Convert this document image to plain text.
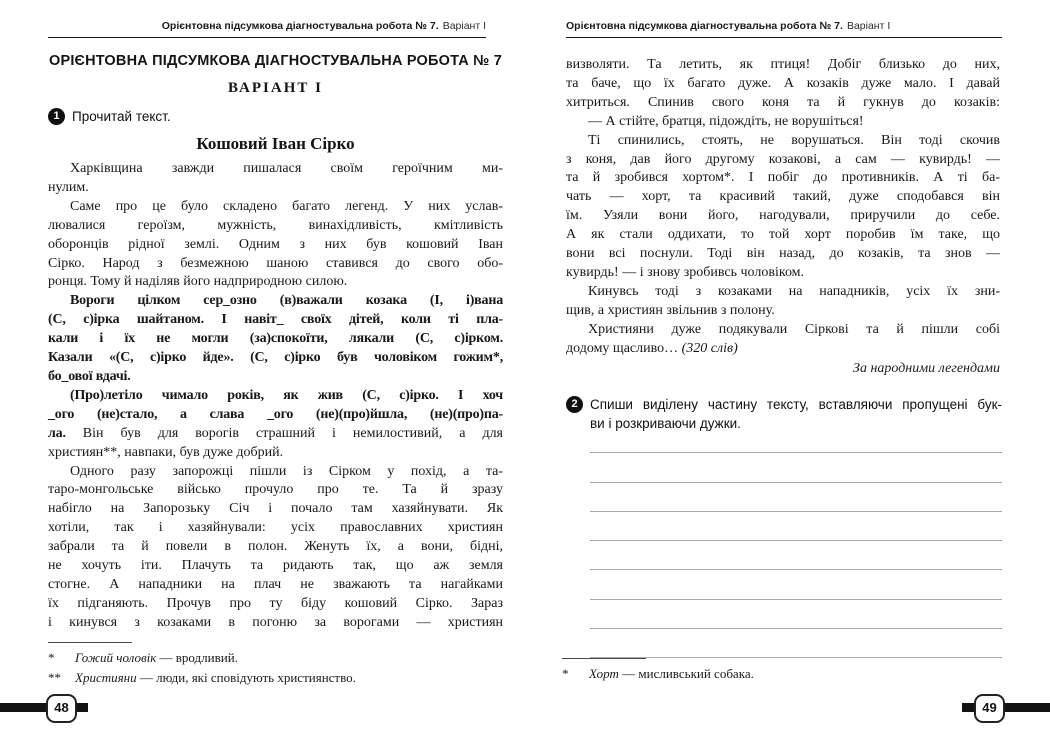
Орієнтовна підсумкова діагностувальна робота № 7. Варіант І
ОРІЄНТОВНА ПІДСУМКОВА ДІАГНОСТУВАЛЬНА РОБОТА № 7
ВАРІАНТ І
1 Прочитай текст.
Кошовий Іван Сірко
Харківщина завжди пишалася своїм героїчним ми-
нулим.
Саме про це було складено багато легенд. У них услав-
лювалися героїзм, мужність, винахідливість, кмітливість
оборонців рідної землі. Одним з них був кошовий Іван
Сірко. Народ з безмежною шаною ставився до свого обо-
ронця. Тому й наділяв його надприродною силою.
Вороги цілком сер_озно (в)важали козака (І, і)вана
(С, с)ірка шайтаном. І навіт_ своїх дітей, коли ті пла-
кали і їх не могли (за)спокоїти, лякали (С, с)ірком.
Казали «(С, с)ірко йде». (С, с)ірко був чоловіком гожим*,
бо_ової вдачі.
(Про)летіло чимало років, як жив (С, с)ірко. І хоч
_ого (не)стало, а слава _ого (не)(про)йшла, (не)(про)па-
ла. Він був для ворогів страшний і немилостивий, а для
християн**, навпаки, був дуже добрий.
Одного разу запорожці пішли із Сірком у похід, а та-
таро-монгольське військо прочуло про те. Та й зразу
набігло на Запорозьку Січ і почало там хазяйнувати. Як
хотіли, так і хазяйнували: усіх православних християн
забрали та й повели в полон. Женуть їх, а вони, бідні,
не хочуть іти. Плачуть та ридають так, що аж земля
стогне. А нападники на плач не зважають та нагайками
їх підганяють. Прочув про ту біду кошовий Сірко. Зараз
і кинувся з козаками в погоню за ворогами — християн
*	Гожий чоловік — вродливий.
**	Християни — люди, які сповідують християнство.
48
Орієнтовна підсумкова діагностувальна робота № 7. Варіант І
визволяти. Та летить, як птиця! Добіг близько до них,
та баче, що їх багато дуже. А козаків дуже мало. І давай
хитриться. Спинив свого коня та й гукнув до козаків:
— А стійте, братця, підождіть, не ворушіться!
Ті спинились, стоять, не ворушаться. Він тоді скочив
з коня, дав його другому козакові, а сам — кувирдь! —
та й зробився хортом*. І побіг до противників. А ті ба-
чать — хорт, та красивий такий, дуже сподобався він
їм. Узяли вони його, нагодували, приручили до себе.
А як стали оддихати, то той хорт поробив їм таке, що
вони всі поснули. Тоді він назад, до козаків, та знов —
кувирдь! — і знову зробивсь чоловіком.
Кинувсь тоді з козаками на нападників, усіх їх зни-
щив, а християн звільнив з полону.
Християни дуже подякували Сіркові та й пішли собі
додому щасливо… (320 слів)
За народними легендами
2 Спиши виділену частину тексту, вставляючи пропущені бук-
ви і розкриваючи дужки.
*	Хорт — мисливський собака.
49
